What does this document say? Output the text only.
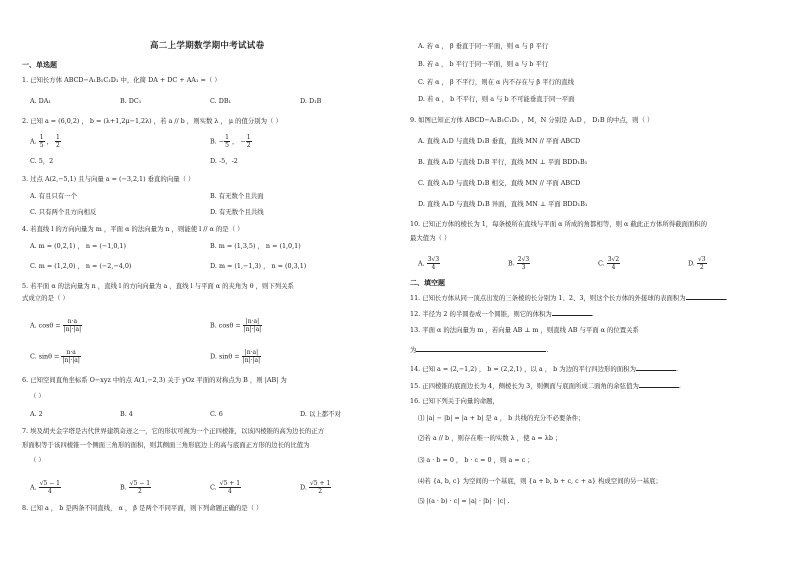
高二上学期数学期中考试试卷
一、单选题
1. 已知长方体 ABCD−A₁B₁C₁D₁ 中，化简 DA + DC + AA₁ =（ ）
A. DA₁	B. DC₁	C. DB₁	D. D₁B
2. 已知 a = (6,0,2) ， b = (λ+1,2μ−1,2λ) ，若 a // b ，则实数 λ ， μ 的值分别为（ ）
A. $\frac{1}{5}$ ， $\frac{1}{2}$	B. − $\frac{1}{5}$ ， − $\frac{1}{2}$
C. 5，2	D. -5，-2
3. 过点 A(2,−5,1) 且与向量 a = (−3,2,1) 垂直的向量（ ）
A. 有且只有一个	B. 有无数个且共面
C. 只有两个且方向相反	D. 有无数个且共线
4. 若直线 l 的方向向量为 m ，平面 α 的法向量为 n ，则能使 l // α 的是（ ）
A. m = (0,2,1) ， n = (−1,0,1)	B. m = (1,3,5) ， n = (1,0,1)
C. m = (1,2,0) ， n = (−2,−4,0)	D. m = (1,−1,3) ， n = (0,3,1)
5. 若平面 α 的法向量为 n ，直线 l 的方向向量为 a ，直线 l 与平面 α 的夹角为 θ ，则下列关系
式成立的是（ ）
A. $\cos\theta = \frac{n\cdot a}{|n|\cdot|a|}$	B. $\cos\theta = \frac{|n\cdot a|}{|n|\cdot|a|}$
C. $\sin\theta = \frac{n\cdot a}{|n|\cdot|a|}$	D. $\sin\theta = \frac{|n\cdot a|}{|n|\cdot|a|}$
6. 已知空间直角坐标系 O−xyz 中的点 A(1,−2,3) 关于 yOz 平面的对称点为 B ，则 |AB| 为
（ ）
A. 2	B. 4	C. 6	D. 以上都不对
7. 埃及胡夫金字塔是古代世界建筑奇迹之一，它的形状可视为一个正四棱锥，以该四棱锥的高为边长的正方
形面积等于该四棱锥一个侧面三角形的面积，则其侧面三角形底边上的高与底面正方形的边长的比值为
（ ）
A. $\frac{√5 - 1}{4}$	B. $\frac{√5 - 1}{2}$	C. $\frac{√5 + 1}{4}$	D. $\frac{√5 + 1}{2}$
8. 已知 a ， b 是两条不同直线， α ， β 是两个不同平面，则下列命题正确的是（ ）
A. 若 α ， β 垂直于同一平面，则 α 与 β 平行
B. 若 a ， b 平行于同一平面，则 a 与 b 平行
C. 若 α ， β 不平行，则在 α 内不存在与 β 平行的直线
D. 若 α ， b 不平行，则 a 与 b 不可能垂直于同一平面
9. 如图已知正方体 ABCD−A₁B₁C₁D₁ ，M，N 分别是 A₁D ， D₁B 的中点，则（ ）
A. 直线 A₁D 与直线 D₁B 垂直，直线 MN // 平面 ABCD
B. 直线 A₁D 与直线 D₁B 平行，直线 MN ⊥ 平面 BDD₁B₁
C. 直线 A₁D 与直线 D₁B 相交，直线 MN // 平面 ABCD
D. 直线 A₁D 与直线 D₁B 异面，直线 MN ⊥ 平面 BDD₁B₁
10. 已知正方体的棱长为 1，每条棱所在直线与平面 α 所成的角都相等，则 α 截此正方体所得截面面积的
最大值为（ ）
A. $\frac{3√3}{4}$	B. $\frac{2√3}{3}$	C. $\frac{3√2}{4}$	D. $\frac{√3}{2}$
二、填空题
11. 已知长方体从同一顶点出发的三条棱的长分别为 1、2、3，则这个长方体的外接球的表面积为	.
12. 半径为 2 的半圆卷成一个圆锥，则它的体积为	.
13. 平面 α 的法向量为 m ，若向量 AB ⊥ m ，则直线 AB 与平面 α 的位置关系
为	.
14. 已知 a = (2,−1,2) ， b = (2,2,1) ，以 a ， b 为边的平行四边形的面积为	.
15. 正四棱锥的底面边长为 4，侧棱长为 3，则侧面与底面所成二面角的余弦值为	.
16. 已知下列关于向量的命题，
⑴ |a| − |b| = |a + b| 是 a ， b 共线的充分不必要条件；
⑵若 a // b ，则存在唯一的实数 λ ，使 a = λb ；
⑶ a · b = 0 ， b · c = 0 ，则 a = c ；
⑷若 {a, b, c} 为空间的一个基底，则 {a + b, b + c, c + a} 构成空间的另一基底；
⑸ |(a · b) · c| = |a| · |b| · |c| .
